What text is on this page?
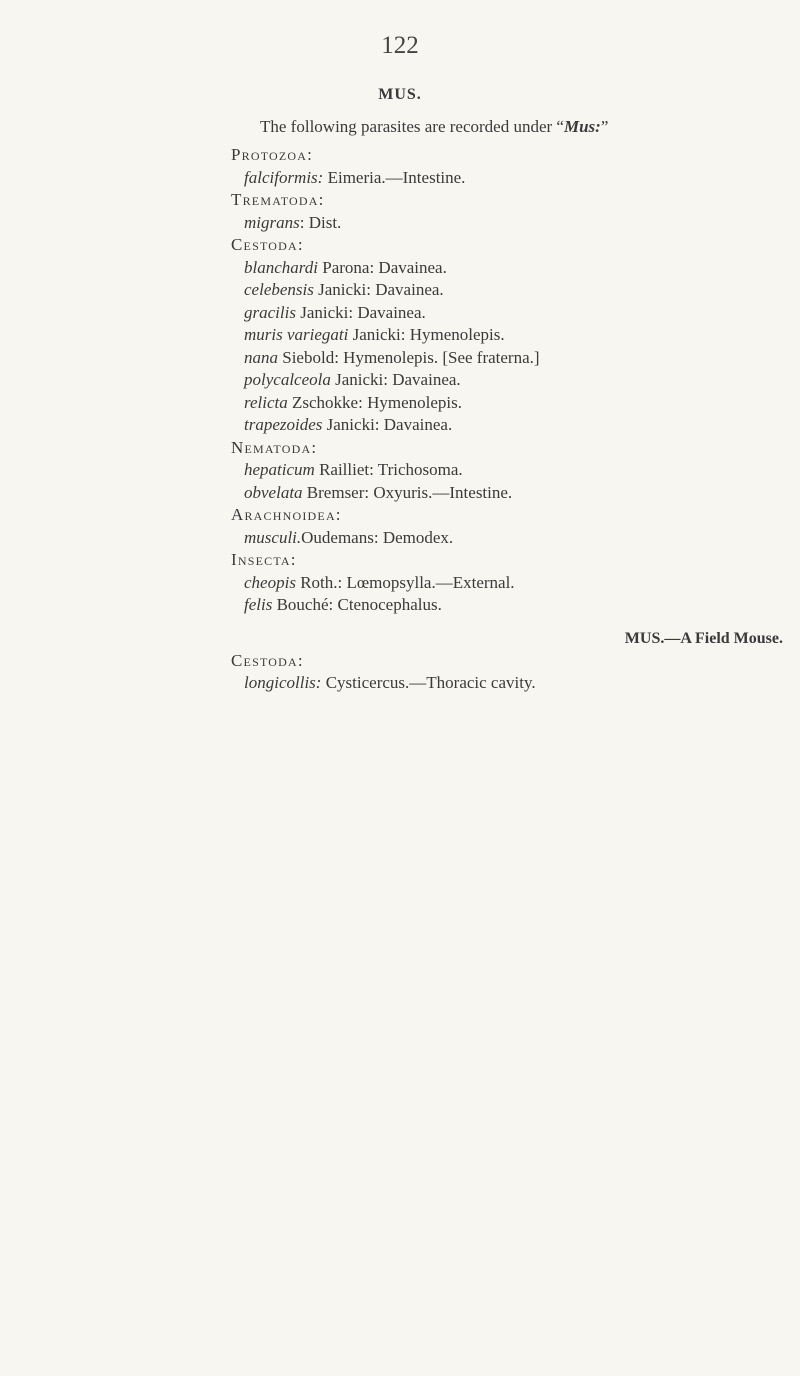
122
MUS.
The following parasites are recorded under “Mus:”
Protozoa:
falciformis: Eimeria.—Intestine.
Trematoda:
migrans: Dist.
Cestoda:
blanchardi Parona: Davainea.
celebensis Janicki: Davainea.
gracilis Janicki: Davainea.
muris variegati Janicki: Hymenolepis.
nana Siebold: Hymenolepis. [See fraterna.]
polycalceola Janicki: Davainea.
relicta Zschokke: Hymenolepis.
trapezoides Janicki: Davainea.
Nematoda:
hepaticum Railliet: Trichosoma.
obvelata Bremser: Oxyuris.—Intestine.
Arachnoidea:
musculi.Oudemans: Demodex.
Insecta:
cheopis Roth.: Lœmopsylla.—External.
felis Bouché: Ctenocephalus.
MUS.—A Field Mouse.
Cestoda:
longicollis: Cysticercus.—Thoracic cavity.
